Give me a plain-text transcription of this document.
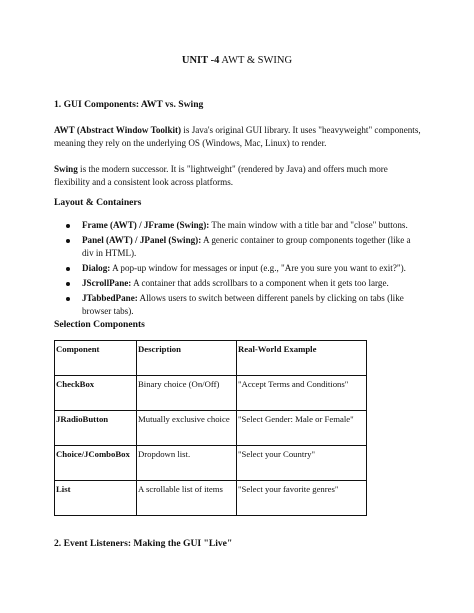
UNIT -4 AWT & SWING

1. GUI Components: AWT vs. Swing

AWT (Abstract Window Toolkit) is Java's original GUI library. It uses "heavyweight" components, meaning they rely on the underlying OS (Windows, Mac, Linux) to render.

Swing is the modern successor. It is "lightweight" (rendered by Java) and offers much more flexibility and a consistent look across platforms.

Layout & Containers

Frame (AWT) / JFrame (Swing): The main window with a title bar and "close" buttons.
Panel (AWT) / JPanel (Swing): A generic container to group components together (like a div in HTML).
Dialog: A pop-up window for messages or input (e.g., "Are you sure you want to exit?").
JScrollPane: A container that adds scrollbars to a component when it gets too large.
JTabbedPane: Allows users to switch between different panels by clicking on tabs (like browser tabs).

Selection Components

Component	Description	Real-World Example
CheckBox	Binary choice (On/Off)	"Accept Terms and Conditions"
JRadioButton	Mutually exclusive choice	"Select Gender: Male or Female"
Choice/JComboBox	Dropdown list.	"Select your Country"
List	A scrollable list of items	"Select your favorite genres"

2. Event Listeners: Making the GUI "Live"
